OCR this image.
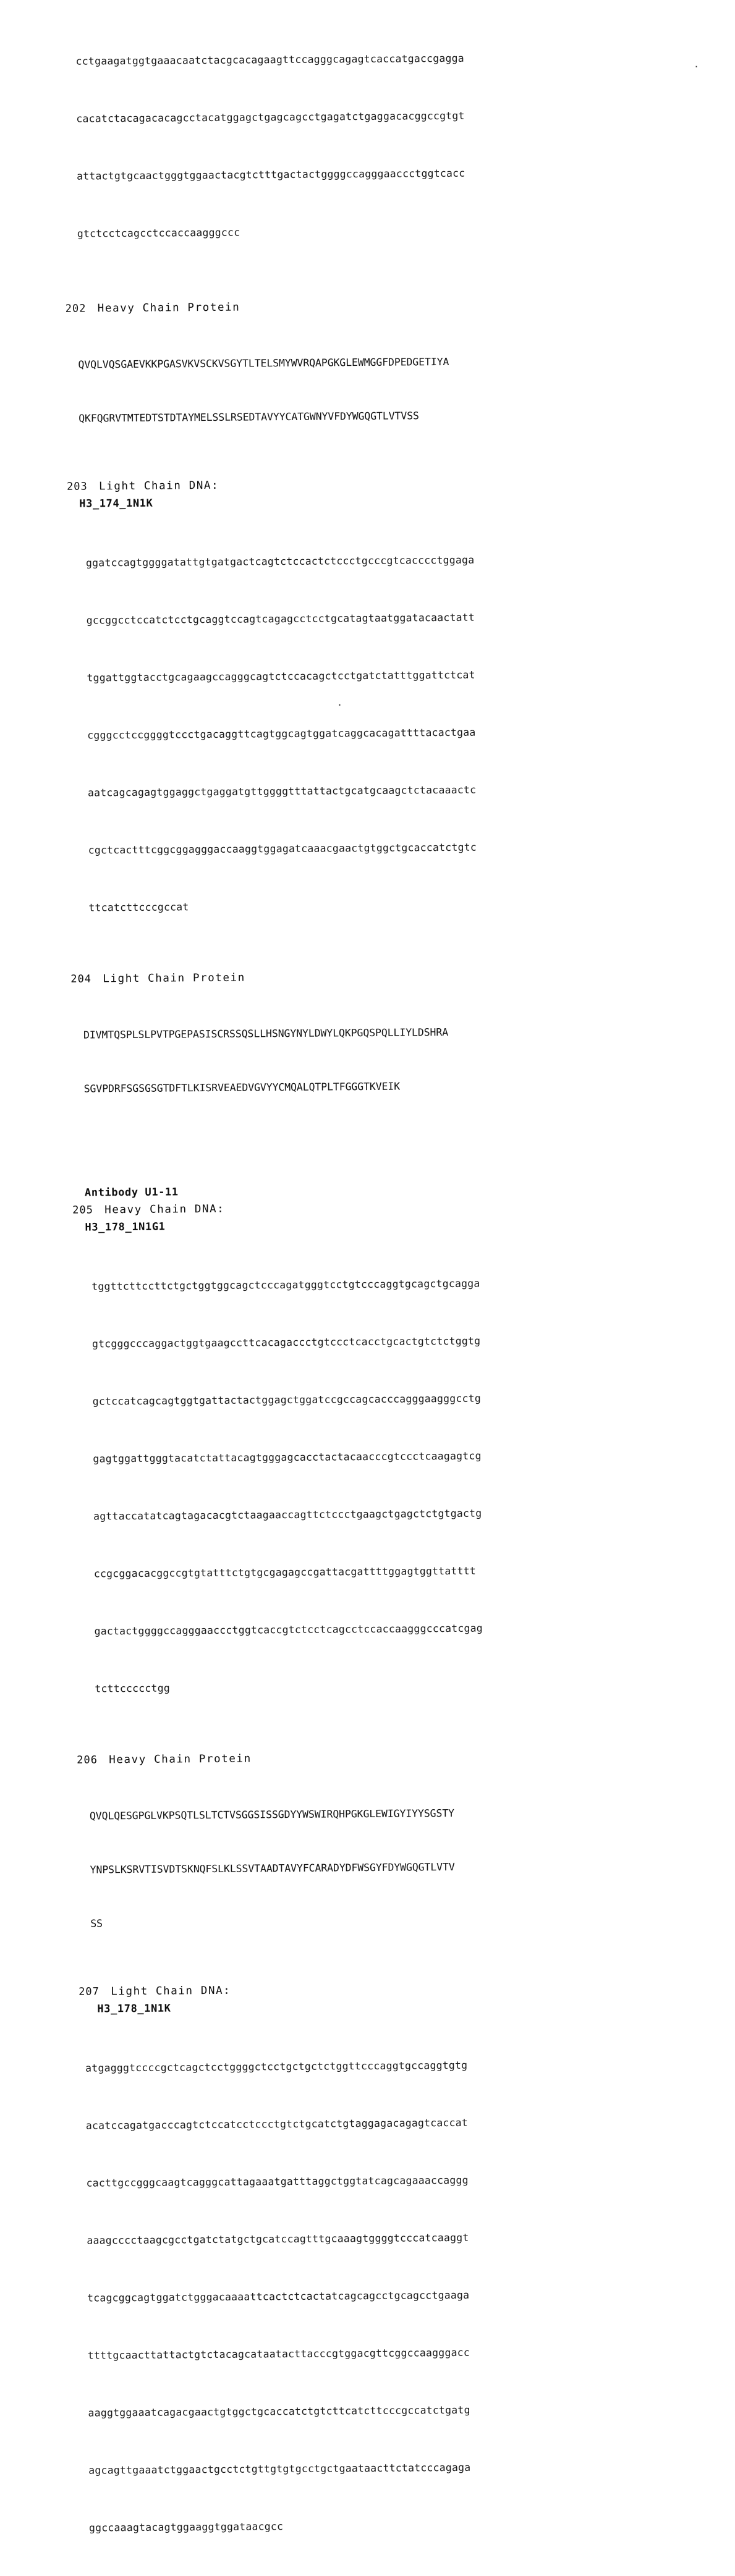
cctgaagatggtgaaacaatctacgcacagaagttccagggcagagtcaccatgaccgagga

cacatctacagacacagcctacatggagctgagcagcctgagatctgaggacacggccgtgt

attactgtgcaactgggtggaactacgtctttgactactggggccagggaaccctggtcacc

gtctcctcagcctccaccaagggccc

202	Heavy Chain Protein

QVQLVQSGAEVKKPGASVKVSCKVSGYTLTELSMYWVRQAPGKGLEWMGGFDPEDGETIYA

QKFQGRVTMTEDTSTDTAYMELSSLRSEDTAVYYCATGWNYVFDYWGQGTLVTVSS

203	Light Chain DNA:
H3_174_1N1K

ggatccagtggggatattgtgatgactcagtctccactctccctgcccgtcacccctggaga

gccggcctccatctcctgcaggtccagtcagagcctcctgcatagtaatggatacaactatt

tggattggtacctgcagaagccagggcagtctccacagctcctgatctatttggattctcat

cgggcctccggggtccctgacaggttcagtggcagtggatcaggcacagattttacactgaa

aatcagcagagtggaggctgaggatgttggggtttattactgcatgcaagctctacaaactc

cgctcactttcggcggagggaccaaggtggagatcaaacgaactgtggctgcaccatctgtc

ttcatcttcccgccat

204	Light Chain Protein

DIVMTQSPLSLPVTPGEPASISCRSSQSLLHSNGYNYLDWYLQKPGQSPQLLIYLDSHRA

SGVPDRFSGSGSGTDFTLKISRVEAEDVGVYYCMQALQTPLTFGGGTKVEIK

Antibody U1-11
205	Heavy Chain DNA:
H3_178_1N1G1

tggttcttccttctgctggtggcagctcccagatgggtcctgtcccaggtgcagctgcagga

gtcgggcccaggactggtgaagccttcacagaccctgtccctcacctgcactgtctctggtg

gctccatcagcagtggtgattactactggagctggatccgccagcacccagggaagggcctg

gagtggattgggtacatctattacagtgggagcacctactacaacccgtccctcaagagtcg

agttaccatatcagtagacacgtctaagaaccagttctccctgaagctgagctctgtgactg

ccgcggacacggccgtgtatttctgtgcgagagccgattacgattttggagtggttatttt

gactactggggccagggaaccctggtcaccgtctcctcagcctccaccaagggcccatcgag

tcttccccctgg

206	Heavy Chain Protein

QVQLQESGPGLVKPSQTLSLTCTVSGGSISSGDYYWSWIRQHPGKGLEWIGYIYYSGSTY

YNPSLKSRVTISVDTSKNQFSLKLSSVTAADTAVYFCARADYDFWSGYFDYWGQGTLVTV

SS

207	Light Chain DNA:
H3_178_1N1K

atgagggtccccgctcagctcctggggctcctgctgctctggttcccaggtgccaggtgtg

acatccagatgacccagtctccatcctccctgtctgcatctgtaggagacagagtcaccat

cacttgccgggcaagtcagggcattagaaatgatttaggctggtatcagcagaaaccaggg

aaagcccctaagcgcctgatctatgctgcatccagtttgcaaagtggggtcccatcaaggt

tcagcggcagtggatctgggacaaaattcactctcactatcagcagcctgcagcctgaaga

ttttgcaacttattactgtctacagcataatacttacccgtggacgttcggccaagggacc

aaggtggaaatcagacgaactgtggctgcaccatctgtcttcatcttcccgccatctgatg

agcagttgaaatctggaactgcctctgttgtgtgcctgctgaataacttctatcccagaga

ggccaaagtacagtggaaggtggataacgcc

.
.
